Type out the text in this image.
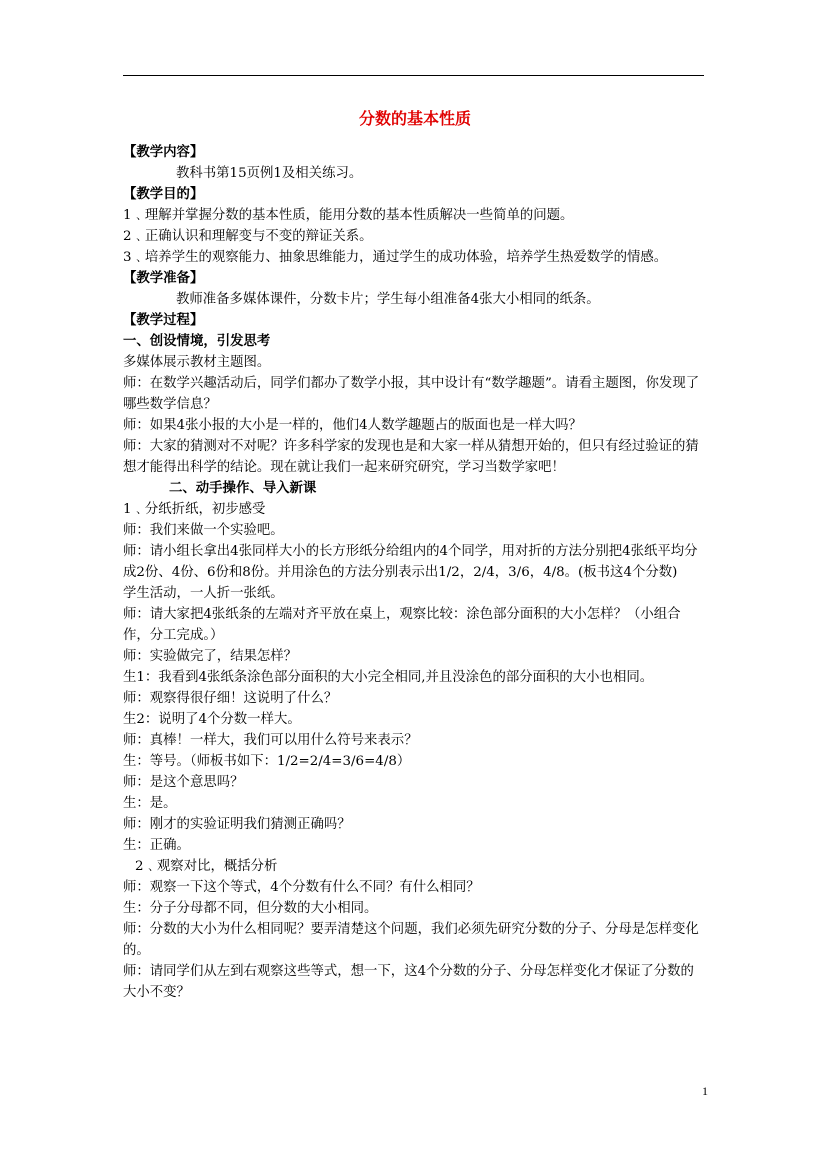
分数的基本性质

【教学内容】

教科书第15页例1及相关练习。

【教学目的】

1﹑理解并掌握分数的基本性质，能用分数的基本性质解决一些简单的问题。

2﹑正确认识和理解变与不变的辩证关系。

3﹑培养学生的观察能力、抽象思维能力，通过学生的成功体验，培养学生热爱数学的情感。

【教学准备】

教师准备多媒体课件，分数卡片；学生每小组准备4张大小相同的纸条。

【教学过程】

一、创设情境，引发思考

多媒体展示教材主题图。

师：在数学兴趣活动后，同学们都办了数学小报，其中设计有“数学趣题”。请看主题图，你发现了哪些数学信息？

师：如果4张小报的大小是一样的，他们4人数学趣题占的版面也是一样大吗？

师：大家的猜测对不对呢？许多科学家的发现也是和大家一样从猜想开始的，但只有经过验证的猜想才能得出科学的结论。现在就让我们一起来研究研究，学习当数学家吧！

二、动手操作、导入新课

1﹑分纸折纸，初步感受

师：我们来做一个实验吧。

师：请小组长拿出4张同样大小的长方形纸分给组内的4个同学，用对折的方法分别把4张纸平均分成2份、4份、6份和8份。并用涂色的方法分别表示出1/2，2/4，3/6，4/8。(板书这4个分数)

学生活动，一人折一张纸。

师：请大家把4张纸条的左端对齐平放在桌上，观察比较：涂色部分面积的大小怎样？（小组合作，分工完成。）

师：实验做完了，结果怎样？

生1：我看到4张纸条涂色部分面积的大小完全相同,并且没涂色的部分面积的大小也相同。

师：观察得很仔细！这说明了什么？

生2：说明了4个分数一样大。

师：真棒！一样大，我们可以用什么符号来表示？

生：等号。（师板书如下：1/2=2/4=3/6=4/8）

师：是这个意思吗？

生：是。

师：刚才的实验证明我们猜测正确吗？

生：正确。

2﹑观察对比，概括分析

师：观察一下这个等式，4个分数有什么不同？有什么相同？

生：分子分母都不同，但分数的大小相同。

师：分数的大小为什么相同呢？要弄清楚这个问题，我们必须先研究分数的分子、分母是怎样变化的。

师：请同学们从左到右观察这些等式，想一下，这4个分数的分子、分母怎样变化才保证了分数的大小不变？

1
